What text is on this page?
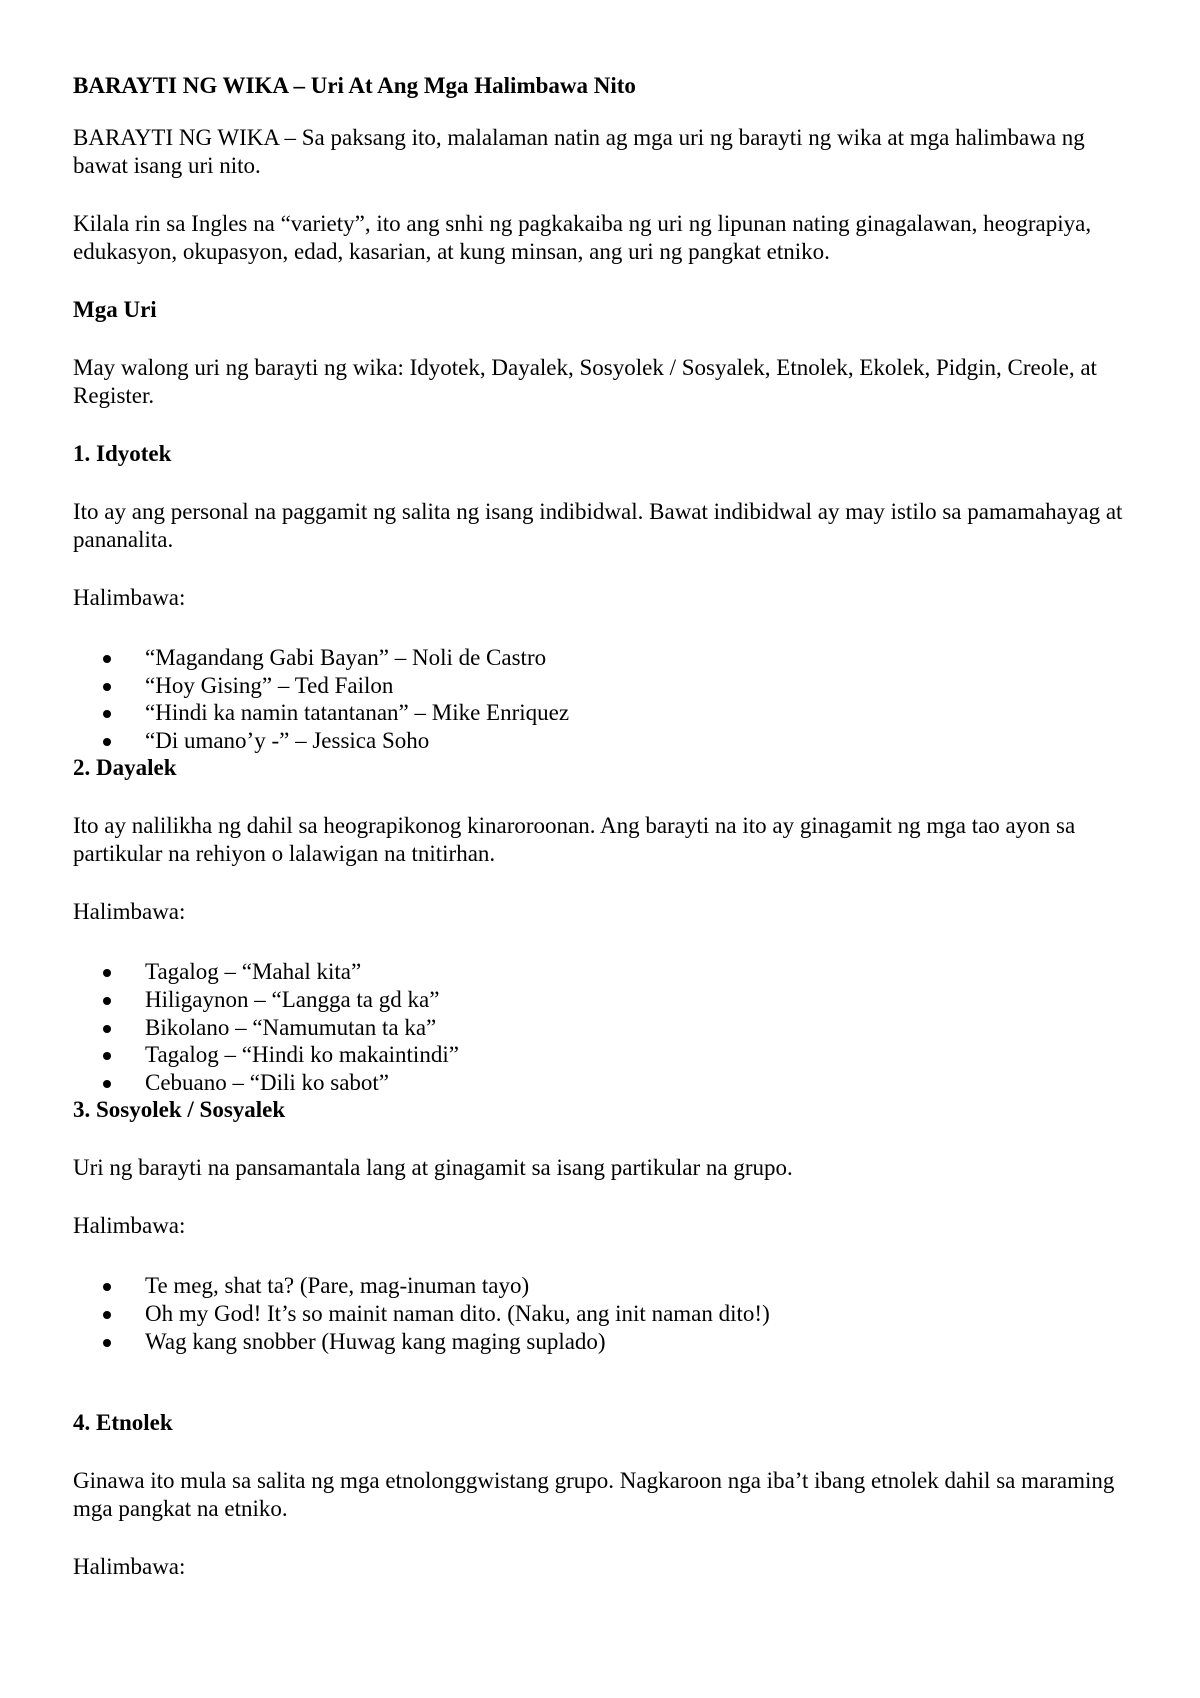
BARAYTI NG WIKA – Uri At Ang Mga Halimbawa Nito

BARAYTI NG WIKA – Sa paksang ito, malalaman natin ag mga uri ng barayti ng wika at mga halimbawa ng bawat isang uri nito.

Kilala rin sa Ingles na “variety”, ito ang snhi ng pagkakaiba ng uri ng lipunan nating ginagalawan, heograpiya, edukasyon, okupasyon, edad, kasarian, at kung minsan, ang uri ng pangkat etniko.

Mga Uri

May walong uri ng barayti ng wika: Idyotek, Dayalek, Sosyolek / Sosyalek, Etnolek, Ekolek, Pidgin, Creole, at Register.

1. Idyotek

Ito ay ang personal na paggamit ng salita ng isang indibidwal. Bawat indibidwal ay may istilo sa pamamahayag at pananalita.

Halimbawa:

“Magandang Gabi Bayan” – Noli de Castro
“Hoy Gising” – Ted Failon
“Hindi ka namin tatantanan” – Mike Enriquez
“Di umano’y -” – Jessica Soho
2. Dayalek

Ito ay nalilikha ng dahil sa heograpikonog kinaroroonan. Ang barayti na ito ay ginagamit ng mga tao ayon sa partikular na rehiyon o lalawigan na tnitirhan.

Halimbawa:

Tagalog – “Mahal kita”
Hiligaynon – “Langga ta gd ka”
Bikolano – “Namumutan ta ka”
Tagalog – “Hindi ko makaintindi”
Cebuano – “Dili ko sabot”
3. Sosyolek / Sosyalek

Uri ng barayti na pansamantala lang at ginagamit sa isang partikular na grupo.

Halimbawa:

Te meg, shat ta? (Pare, mag-inuman tayo)
Oh my God! It’s so mainit naman dito. (Naku, ang init naman dito!)
Wag kang snobber (Huwag kang maging suplado)
4. Etnolek

Ginawa ito mula sa salita ng mga etnolonggwistang grupo. Nagkaroon nga iba’t ibang etnolek dahil sa maraming mga pangkat na etniko.

Halimbawa:
